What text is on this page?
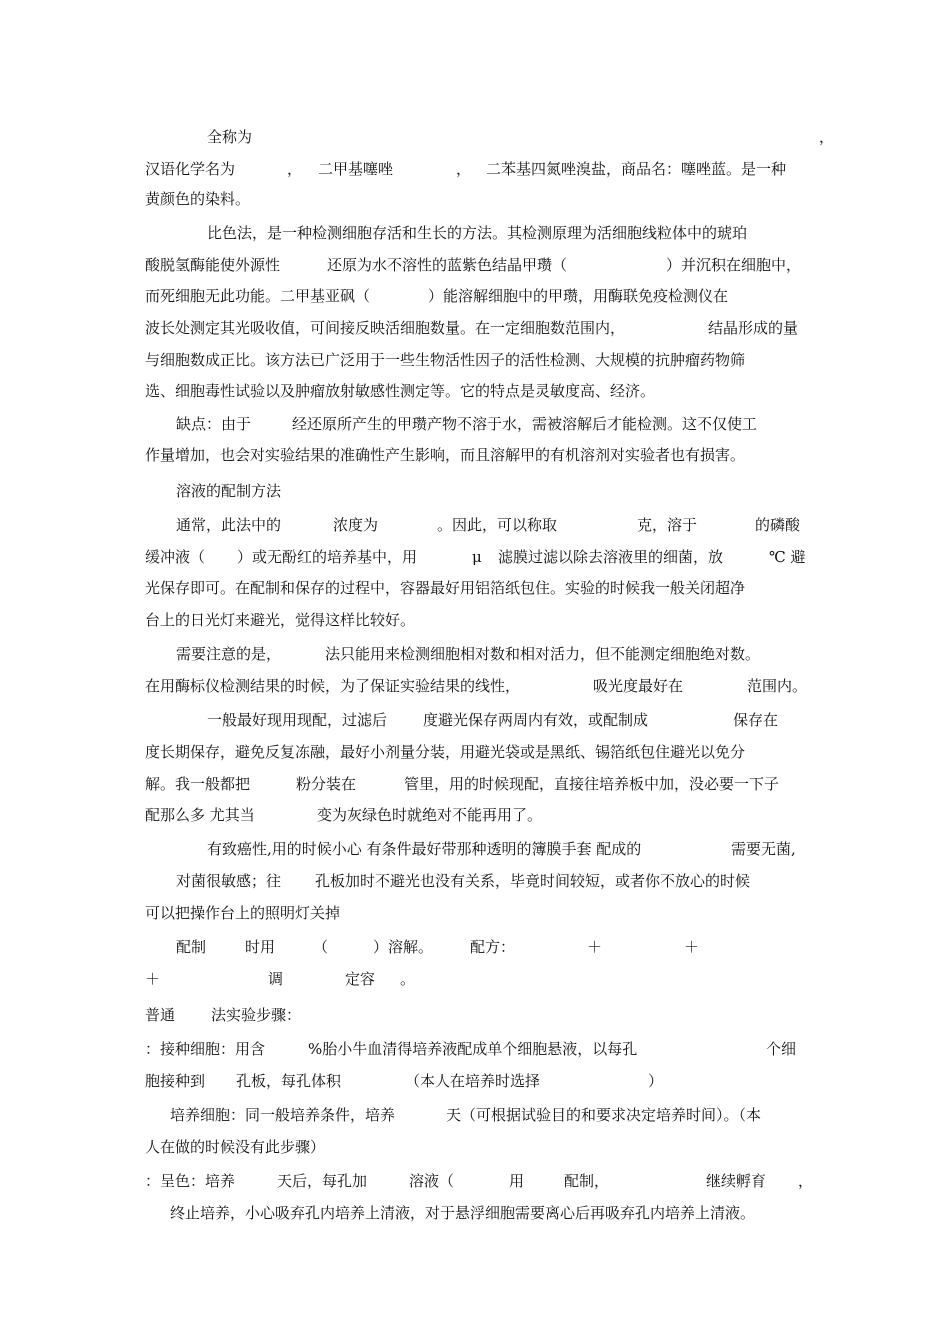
全称为	，
汉语化学名为	， 二甲基噻唑	， 二苯基四氮唑溴盐，商品名：噻唑蓝。是一种
黄颜色的染料。
比色法，是一种检测细胞存活和生长的方法。其检测原理为活细胞线粒体中的琥珀
酸脱氢酶能使外源性	还原为水不溶性的蓝紫色结晶甲瓒（	）并沉积在细胞中，
而死细胞无此功能。二甲基亚砜（	）能溶解细胞中的甲瓒，用酶联免疫检测仪在
波长处测定其光吸收值，可间接反映活细胞数量。在一定细胞数范围内，	结晶形成的量
与细胞数成正比。该方法已广泛用于一些生物活性因子的活性检测、大规模的抗肿瘤药物筛
选、细胞毒性试验以及肿瘤放射敏感性测定等。它的特点是灵敏度高、经济。
缺点：由于	经还原所产生的甲瓒产物不溶于水，需被溶解后才能检测。这不仅使工
作量增加，也会对实验结果的准确性产生影响，而且溶解甲的有机溶剂对实验者也有损害。
溶液的配制方法
通常，此法中的	浓度为	。因此，可以称取	克，溶于	的磷酸
缓冲液（ ）或无酚红的培养基中，用	μ 滤膜过滤以除去溶液里的细菌，放	℃ 避
光保存即可。在配制和保存的过程中，容器最好用铝箔纸包住。实验的时候我一般关闭超净
台上的日光灯来避光，觉得这样比较好。
需要注意的是，	法只能用来检测细胞相对数和相对活力，但不能测定细胞绝对数。
在用酶标仪检测结果的时候，为了保证实验结果的线性，	吸光度最好在	范围内。
一般最好现用现配，过滤后 度避光保存两周内有效，或配制成	保存在
度长期保存，避免反复冻融，最好小剂量分装，用避光袋或是黑纸、锡箔纸包住避光以免分
解。我一般都把	粉分装在	管里，用的时候现配，直接往培养板中加，没必要一下子
配那么多 尤其当	变为灰绿色时就绝对不能再用了。
有致癌性,用的时候小心 有条件最好带那种透明的簿膜手套 配成的	需要无菌,
对菌很敏感；往 孔板加时不避光也没有关系，毕竟时间较短，或者你不放心的时候
可以把操作台上的照明灯关掉
配制	时用	（	）溶解。 配方：	＋	＋
＋	调	定容 。
普通 法实验步骤：
：接种细胞：用含	%胎小牛血清得培养液配成单个细胞悬液，以每孔	个细
胞接种到 孔板，每孔体积	（本人在培养时选择	）
培养细胞：同一般培养条件，培养	天（可根据试验目的和要求决定培养时间）。（本
人在做的时候没有此步骤）
：呈色：培养	天后，每孔加	溶液（	用	配制，	继续孵育 ，
终止培养，小心吸弃孔内培养上清液，对于悬浮细胞需要离心后再吸弃孔内培养上清液。
